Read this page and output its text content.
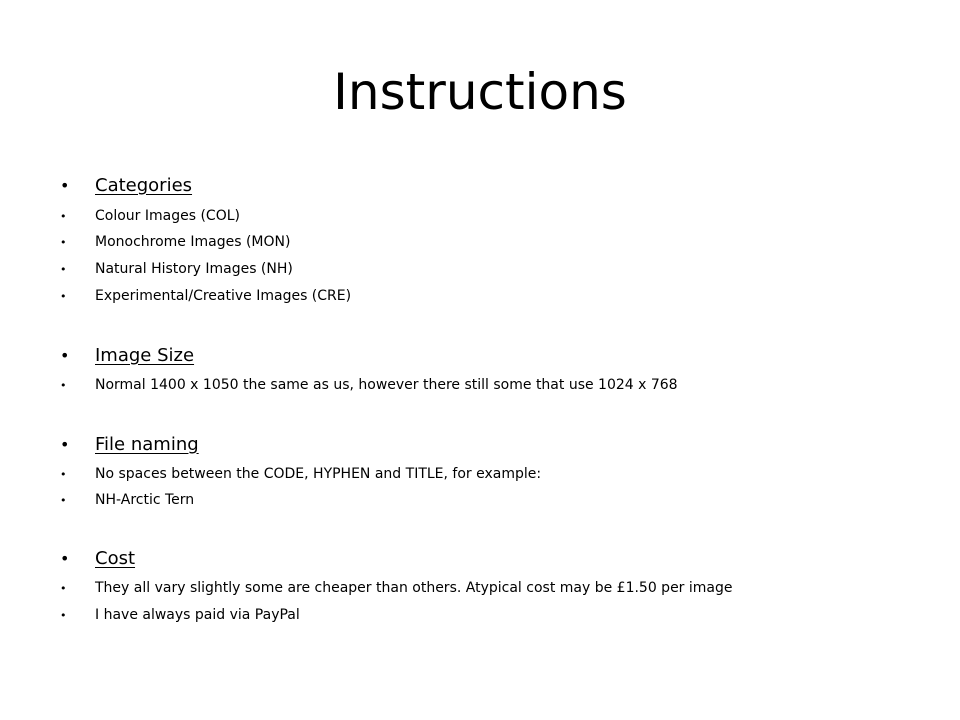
Instructions
•	Categories
•	Colour Images (COL)
•	Monochrome Images (MON)
•	Natural History Images (NH)
•	Experimental/Creative Images (CRE)
•	Image Size
•	Normal 1400 x 1050 the same as us, however there still some that use 1024 x 768
•	File naming
•	No spaces between the CODE, HYPHEN and TITLE, for example:
•	NH-Arctic Tern
•	Cost
•	They all vary slightly some are cheaper than others. Atypical cost may be £1.50 per image
•	I have always paid via PayPal
